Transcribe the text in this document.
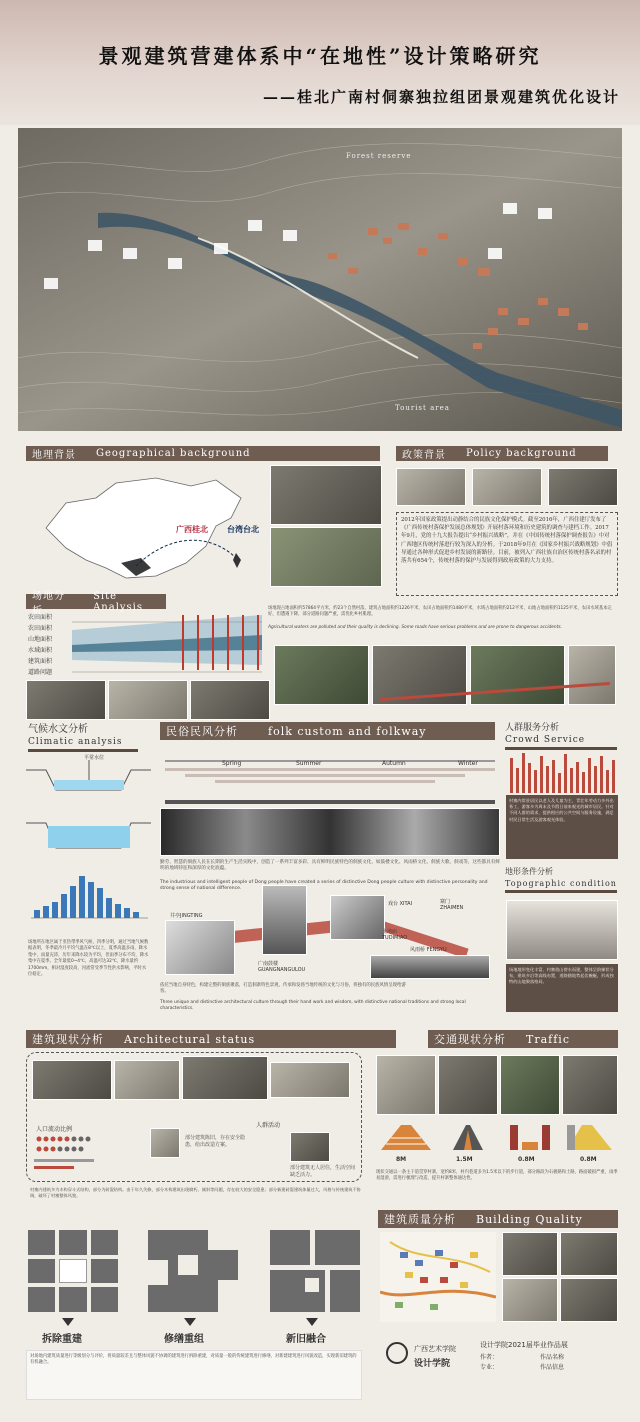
景观建筑营建体系中“在地性”设计策略研究
——桂北广南村侗寨独拉组团景观建筑优化设计
Forest reserve
Tourist area
地理背景 Geographical background
广西桂北 台湾台北
政策背景 Policy background
2012年国家政策提出动静结合的民族文化保护模式。截至2016年，广西住建厅发布了《广西传统村落保护发展总体规划》开展村落环境和历史建筑的调查与建档工作。2017年9月，党的十九大报告提出“乡村振兴战略”，并在《中国传统村落保护调查报告》中对广西地区传统村落进行较为深入的分析。于2018年9月在《国家乡村振兴战略规划》中倡导通过各种形式促进乡村发展的新路径。目前，被列入广西壮族自治区传统村落名录的村落共有654个，传统村落的保护与发展得到政府政策的大力支持。
场地分析
Site Analysis
农田面积
农田面积
山地面积
水域面积
建筑面积
道路问题
场地现占地面积约57864平方米，约23个自然村落，建筑占地面积约1226平米，农田占地面积约1480平米，水域占地面积约212平米，山地占地面积约1125平米，农田水域基本完好，但遭遇下降，部分道路问题严重，需优化乡村肌理。
Agricultural waters are polluted and their quality is declining. Some roads have serious problems and are prone to dangerous accidents.
气候水文分析
Climatic analysis
平常水位
场地所在地区属于亚热带季风气候，四季分明，通过当地气候数据表明，冬季最冷月平均气温在8℃以上，夏季高温多雨，降水集中，雨量充沛，历年来降水较为平均，但雨季分布不均，降水集中在夏季。全年最低0~4℃，高温可达32℃，降水量约1700mm，相对湿度较高，河流常受季节性洪水影响，平时水位稳定。
民俗民风分析	folk custom and folkway
Spring	Summer	Autumn	Winter
勤劳、智慧的侗族人民在长期的生产生活实践中，创造了一系列丰富多彩、具有鲜明民族特色的侗族文化，如鼓楼文化、风雨桥文化、侗族大歌、侗戏等，这些都具有鲜明的地域特征和深厚的文化底蕴。
The industrious and intelligent people of Dong people have created a series of distinctive Dong people culture with distinctive personality and strong sense of national difference.
井亭JINGTING
广南鼓楼 GUANGNANGULOU
戏台 XITAI	寨门 ZHAIMEN
土地庙 TUDIMIAO
风雨桥 FENGYU
依托当地自身特色，构建完整的侗族聚落，打造侗寨特色景观，传承和发扬当地传统的文化与习俗，将独有的民族风情呈现给游客。
Three unique and distinctive architectural culture through their hand work and wisdom, with distinctive national traditions and strong local characteristics.
人群服务分析
Crowd Service
村寨内常驻居民以老人及儿童为主，青壮年劳动力多外出务工，游客多为周末及节假日前来观光的城市居民。针对不同人群的需求，提供相应的公共空间与服务设施，满足村民日常生活及游客观光体验。
地形条件分析
Topographic condition
场地地形变化丰富，村寨依山傍水而建，整体呈阶梯状分布，建筑多沿等高线布置，道路随地势起伏蜿蜒，形成独特的山地聚落格局。
建筑现状分析 Architectural status
人口流动比例
部分建筑陈旧，存在安全隐患，给出改造方案。
人群活动
部分建筑无人居住，生活空间缺乏活力。
村寨内建筑多为木构穿斗式结构，部分为砖混结构。由于年久失修，部分木构建筑出现腐朽、倾斜等问题，存在较大的安全隐患；部分新建砖混建筑体量过大，风格与传统建筑不协调，破坏了村寨整体风貌。
拆除重建	修缮重组	新旧融合
对场地内建筑质量进行等级划分与评价，将质量较差且与整体风貌不协调的建筑进行拆除重建，对质量一般的传统建筑进行修缮，对新建建筑进行风貌改造，实现新旧建筑的有机融合。
交通现状分析 Traffic
8M	1.5M	0.8M	0.8M
现状交通以一条主干道贯穿村寨，宽约8米，村内巷道多为1.5米以下的步行道，部分路段为石板路和土路，路面破损严重，雨季易湿滑，需进行梳理与改造，提升村寨整体通达性。
建筑质量分析 Building Quality
广西艺术学院
设计学院
设计学院2021届毕业作品展
作者：	作品名称
专业：	作品信息
